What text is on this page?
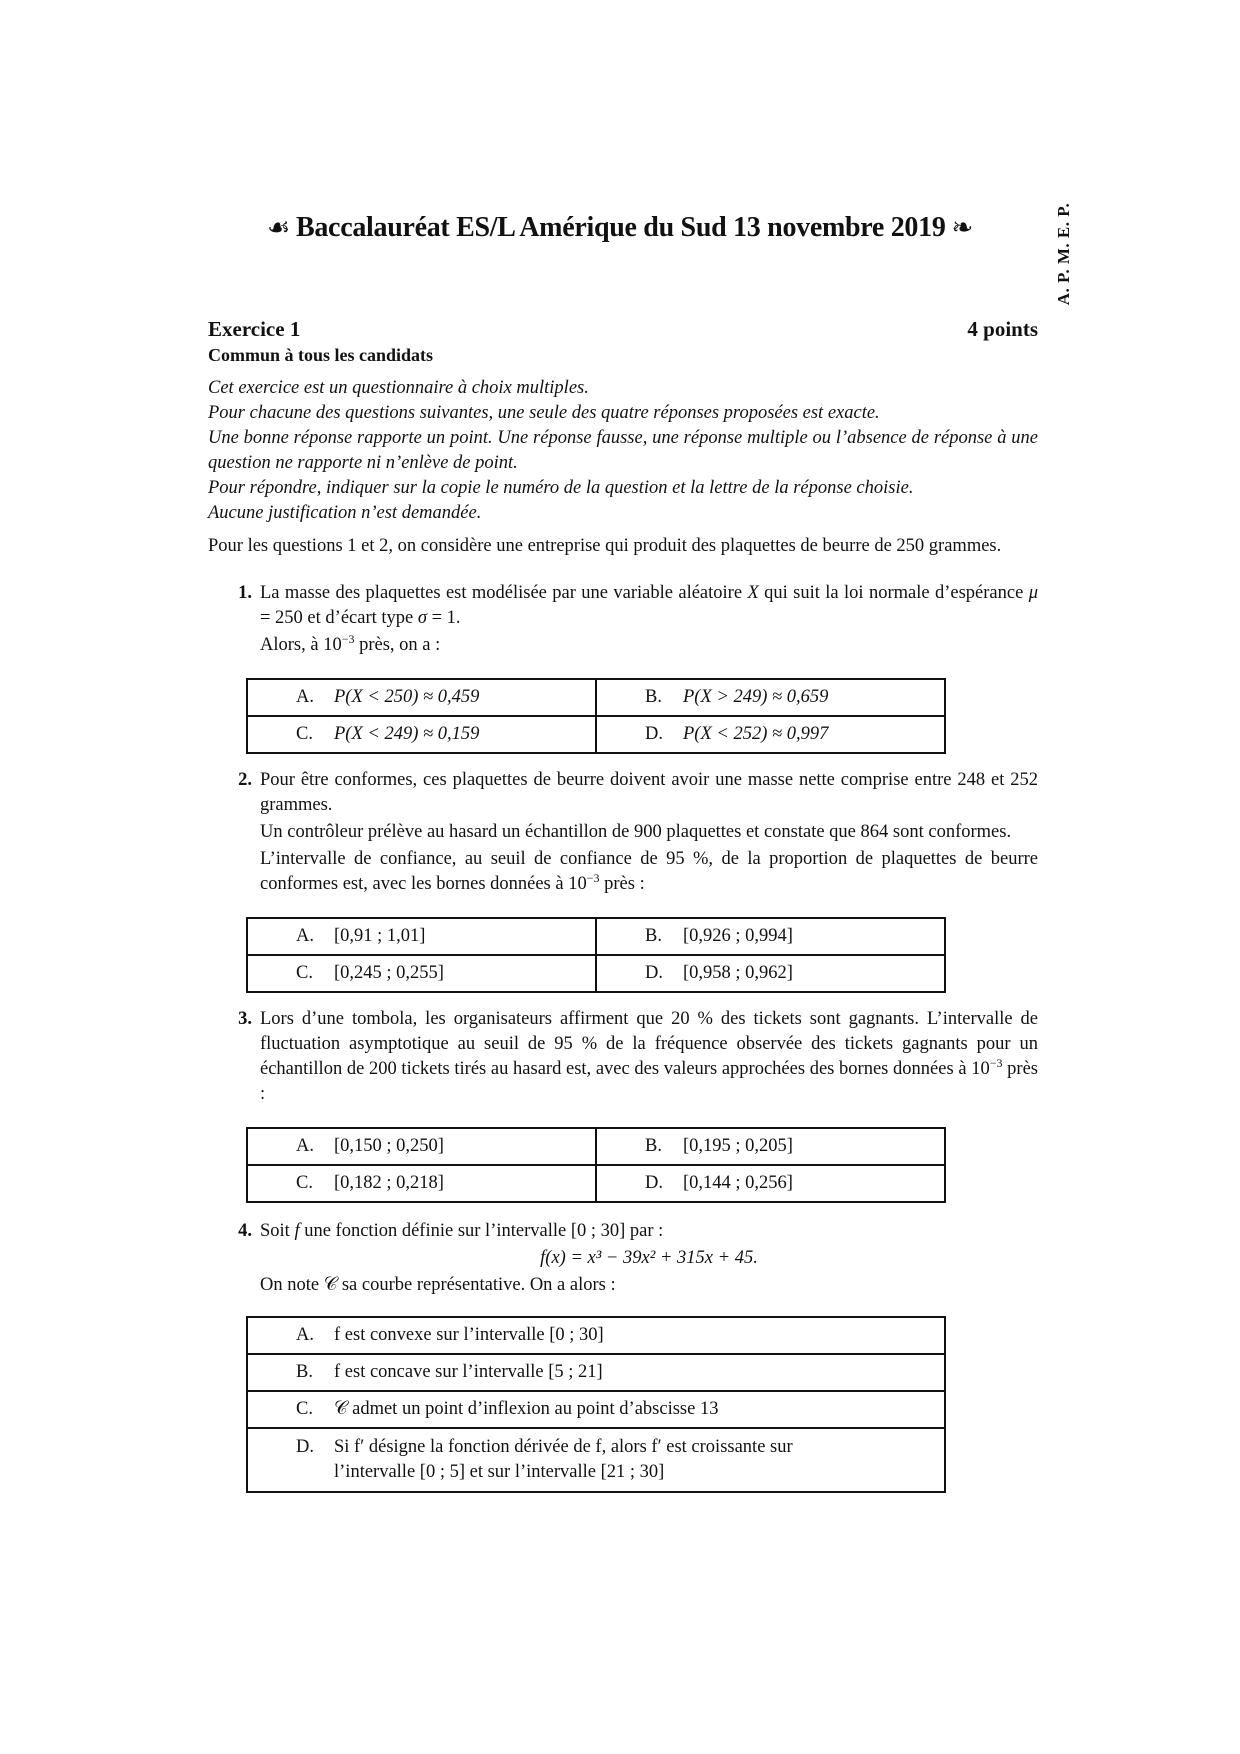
A. P. M. E. P.
☙ Baccalauréat ES/L Amérique du Sud 13 novembre 2019 ❧
Exercice 1	4 points
Commun à tous les candidats

Cet exercice est un questionnaire à choix multiples.

Pour chacune des questions suivantes, une seule des quatre réponses proposées est exacte.

Une bonne réponse rapporte un point. Une réponse fausse, une réponse multiple ou l’absence de réponse à une question ne rapporte ni n’enlève de point.

Pour répondre, indiquer sur la copie le numéro de la question et la lettre de la réponse choisie.

Aucune justification n’est demandée.

Pour les questions 1 et 2, on considère une entreprise qui produit des plaquettes de beurre de 250 grammes.
1. La masse des plaquettes est modélisée par une variable aléatoire X qui suit la loi normale d’espérance μ = 250 et d’écart type σ = 1.

Alors, à $10^{-3}$ près, on a :

A. P(X < 250) ≈ 0,459	B. P(X > 249) ≈ 0,659
C. P(X < 249) ≈ 0,159	D. P(X < 252) ≈ 0,997
2. Pour être conformes, ces plaquettes de beurre doivent avoir une masse nette comprise entre 248 et 252 grammes.

Un contrôleur prélève au hasard un échantillon de 900 plaquettes et constate que 864 sont conformes.

L’intervalle de confiance, au seuil de confiance de 95 %, de la proportion de plaquettes de beurre conformes est, avec les bornes données à $10^{-3}$ près :

A. [0,91 ; 1,01]	B. [0,926 ; 0,994]
C. [0,245 ; 0,255]	D. [0,958 ; 0,962]
3. Lors d’une tombola, les organisateurs affirment que 20 % des tickets sont gagnants. L’intervalle de fluctuation asymptotique au seuil de 95 % de la fréquence observée des tickets gagnants pour un échantillon de 200 tickets tirés au hasard est, avec des valeurs approchées des bornes données à $10^{-3}$ près :

A. [0,150 ; 0,250]	B. [0,195 ; 0,205]
C. [0,182 ; 0,218]	D. [0,144 ; 0,256]
4. Soit f une fonction définie sur l’intervalle [0 ; 30] par :

f(x) = x³ − 39x² + 315x + 45.

On note 𝒞 sa courbe représentative. On a alors :

A. f est convexe sur l’intervalle [0 ; 30]
B. f est concave sur l’intervalle [5 ; 21]
C. 𝒞 admet un point d’inflexion au point d’abscisse 13

D.	Si f′ désigne la fonction dérivée de f, alors f′ est croissante sur
l’intervalle [0 ; 5] et sur l’intervalle [21 ; 30]
